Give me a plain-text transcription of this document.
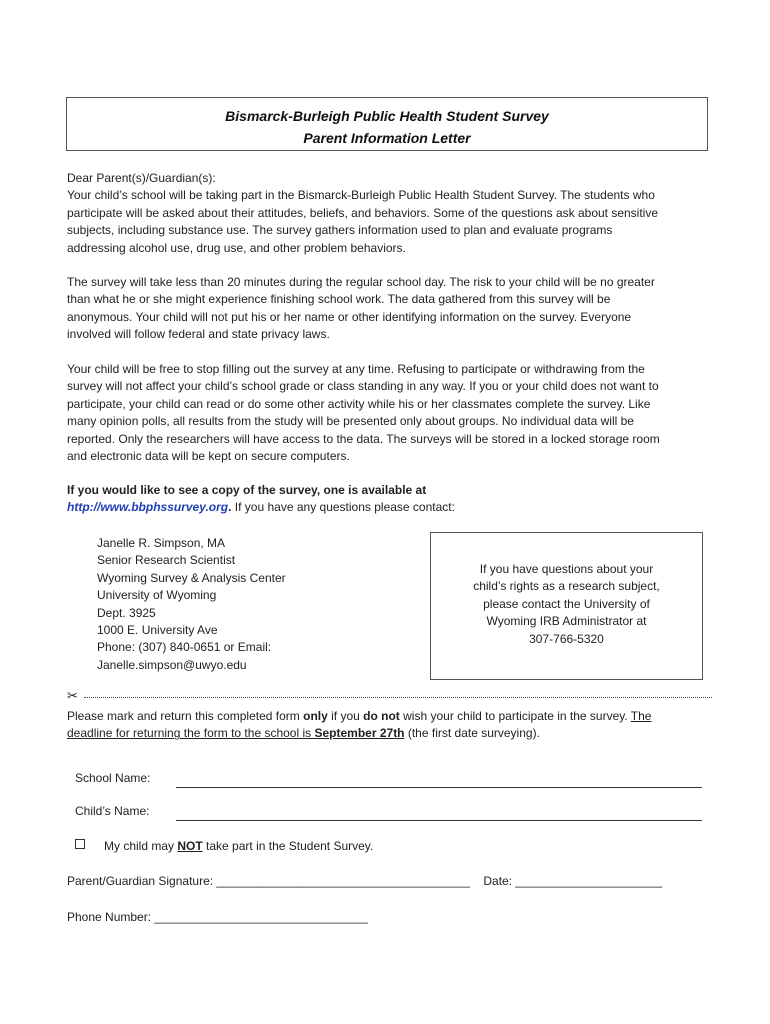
Bismarck-Burleigh Public Health Student Survey
Parent Information Letter
Dear Parent(s)/Guardian(s):
Your child’s school will be taking part in the Bismarck-Burleigh Public Health Student Survey. The students who
participate will be asked about their attitudes, beliefs, and behaviors. Some of the questions ask about sensitive
subjects, including substance use. The survey gathers information used to plan and evaluate programs
addressing alcohol use, drug use, and other problem behaviors.
The survey will take less than 20 minutes during the regular school day. The risk to your child will be no greater
than what he or she might experience finishing school work. The data gathered from this survey will be
anonymous. Your child will not put his or her name or other identifying information on the survey. Everyone
involved will follow federal and state privacy laws.
Your child will be free to stop filling out the survey at any time. Refusing to participate or withdrawing from the
survey will not affect your child’s school grade or class standing in any way. If you or your child does not want to
participate, your child can read or do some other activity while his or her classmates complete the survey. Like
many opinion polls, all results from the study will be presented only about groups. No individual data will be
reported. Only the researchers will have access to the data. The surveys will be stored in a locked storage room
and electronic data will be kept on secure computers.
If you would like to see a copy of the survey, one is available at
http://www.bbphssurvey.org. If you have any questions please contact:
Janelle R. Simpson, MA
Senior Research Scientist
Wyoming Survey & Analysis Center
University of Wyoming
Dept. 3925
1000 E. University Ave
Phone: (307) 840-0651 or Email:
Janelle.simpson@uwyo.edu
If you have questions about your
child’s rights as a research subject,
please contact the University of
Wyoming IRB Administrator at
307-766-5320
✂
Please mark and return this completed form only if you do not wish your child to participate in the survey. The
deadline for returning the form to the school is September 27th (the first date surveying).
School Name:
Child’s Name:
My child may NOT take part in the Student Survey.
Parent/Guardian Signature: ______________________________________    Date: ______________________
Phone Number: ________________________________
